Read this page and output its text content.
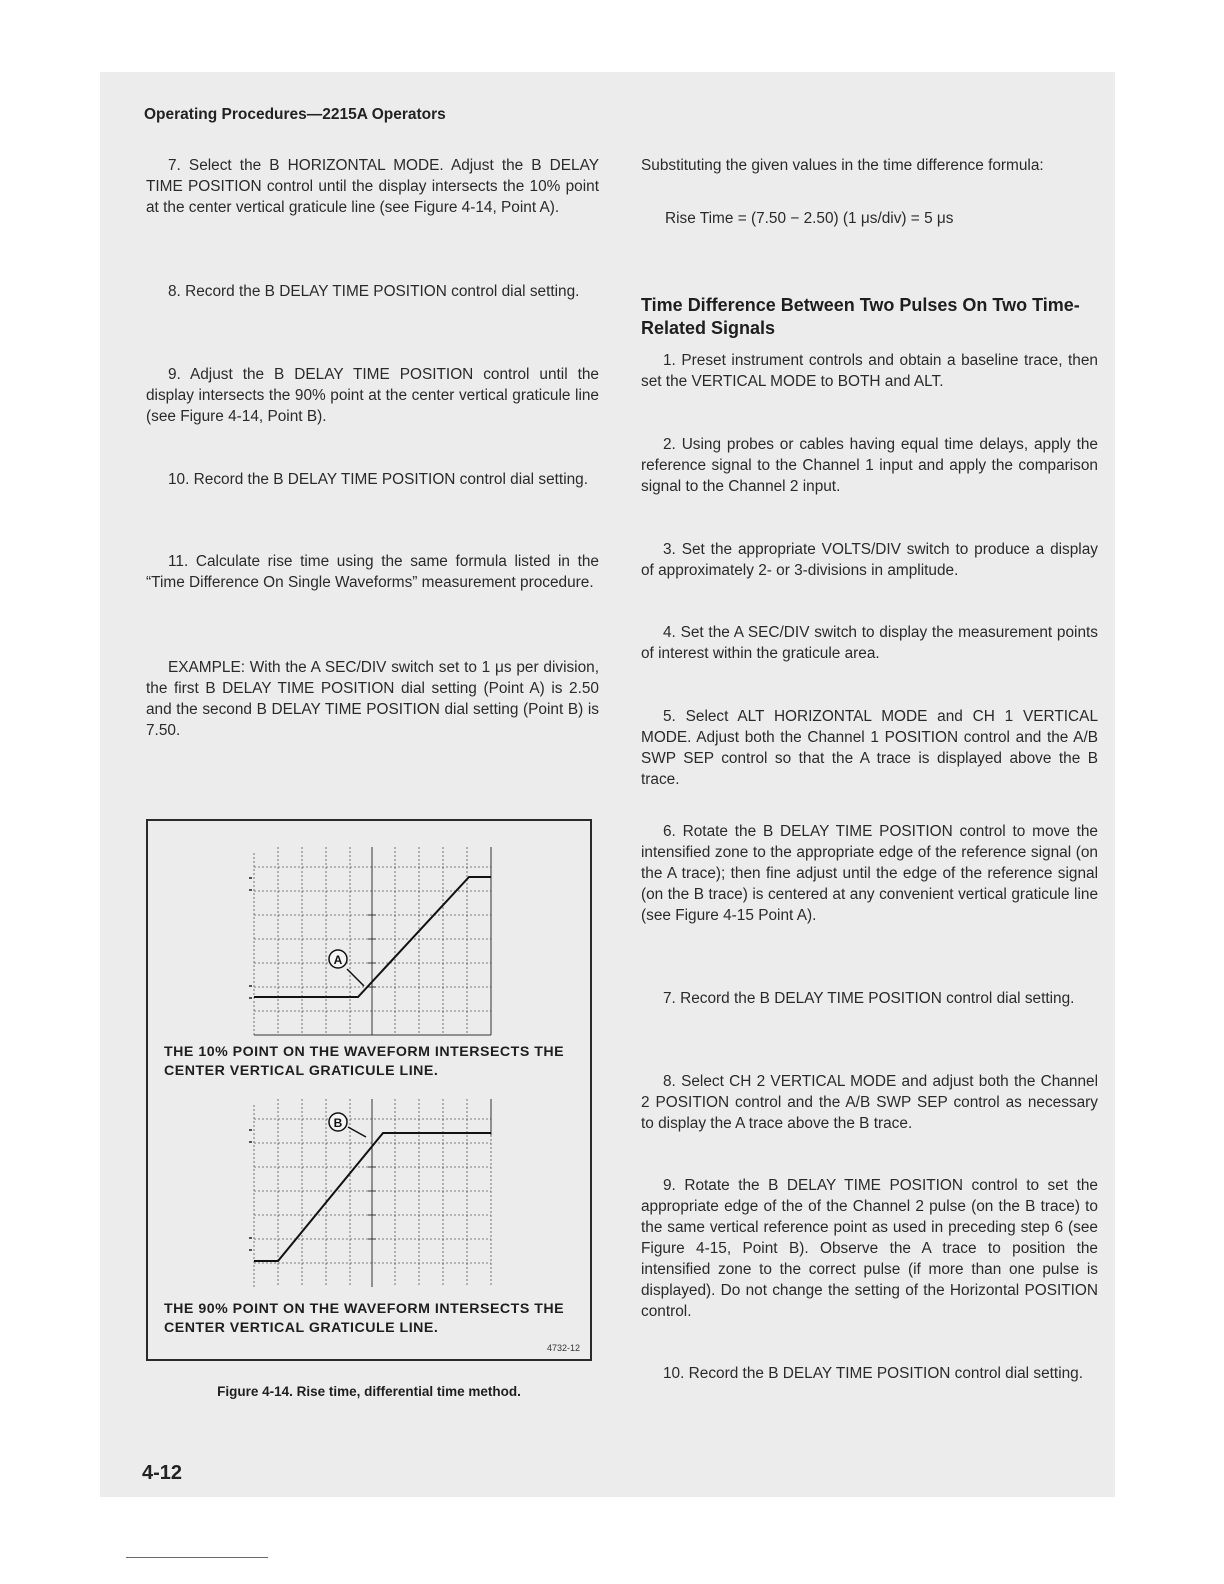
Operating Procedures—2215A Operators

7. Select the B HORIZONTAL MODE. Adjust the B DELAY TIME POSITION control until the display intersects the 10% point at the center vertical graticule line (see Figure 4-14, Point A).

8. Record the B DELAY TIME POSITION control dial setting.

9. Adjust the B DELAY TIME POSITION control until the display intersects the 90% point at the center vertical graticule line (see Figure 4-14, Point B).

10. Record the B DELAY TIME POSITION control dial setting.

11. Calculate rise time using the same formula listed in the “Time Difference On Single Waveforms” measurement procedure.

EXAMPLE: With the A SEC/DIV switch set to 1 μs per division, the first B DELAY TIME POSITION dial setting (Point A) is 2.50 and the second B DELAY TIME POSITION dial setting (Point B) is 7.50.

A
THE 10% POINT ON THE WAVEFORM INTERSECTS THE CENTER VERTICAL GRATICULE LINE.
B
THE 90% POINT ON THE WAVEFORM INTERSECTS THE CENTER VERTICAL GRATICULE LINE.
4732-12
Figure 4-14. Rise time, differential time method.

Substituting the given values in the time difference formula:

Rise Time = (7.50 − 2.50) (1 μs/div) = 5 μs

Time Difference Between Two Pulses On Two Time-Related Signals

1. Preset instrument controls and obtain a baseline trace, then set the VERTICAL MODE to BOTH and ALT.

2. Using probes or cables having equal time delays, apply the reference signal to the Channel 1 input and apply the comparison signal to the Channel 2 input.

3. Set the appropriate VOLTS/DIV switch to produce a display of approximately 2- or 3-divisions in amplitude.

4. Set the A SEC/DIV switch to display the measurement points of interest within the graticule area.

5. Select ALT HORIZONTAL MODE and CH 1 VERTICAL MODE. Adjust both the Channel 1 POSITION control and the A/B SWP SEP control so that the A trace is displayed above the B trace.

6. Rotate the B DELAY TIME POSITION control to move the intensified zone to the appropriate edge of the reference signal (on the A trace); then fine adjust until the edge of the reference signal (on the B trace) is centered at any convenient vertical graticule line (see Figure 4-15 Point A).

7. Record the B DELAY TIME POSITION control dial setting.

8. Select CH 2 VERTICAL MODE and adjust both the Channel 2 POSITION control and the A/B SWP SEP control as necessary to display the A trace above the B trace.

9. Rotate the B DELAY TIME POSITION control to set the appropriate edge of the of the Channel 2 pulse (on the B trace) to the same vertical reference point as used in preceding step 6 (see Figure 4-15, Point B). Observe the A trace to position the intensified zone to the correct pulse (if more than one pulse is displayed). Do not change the setting of the Horizontal POSITION control.

10. Record the B DELAY TIME POSITION control dial setting.

4-12
